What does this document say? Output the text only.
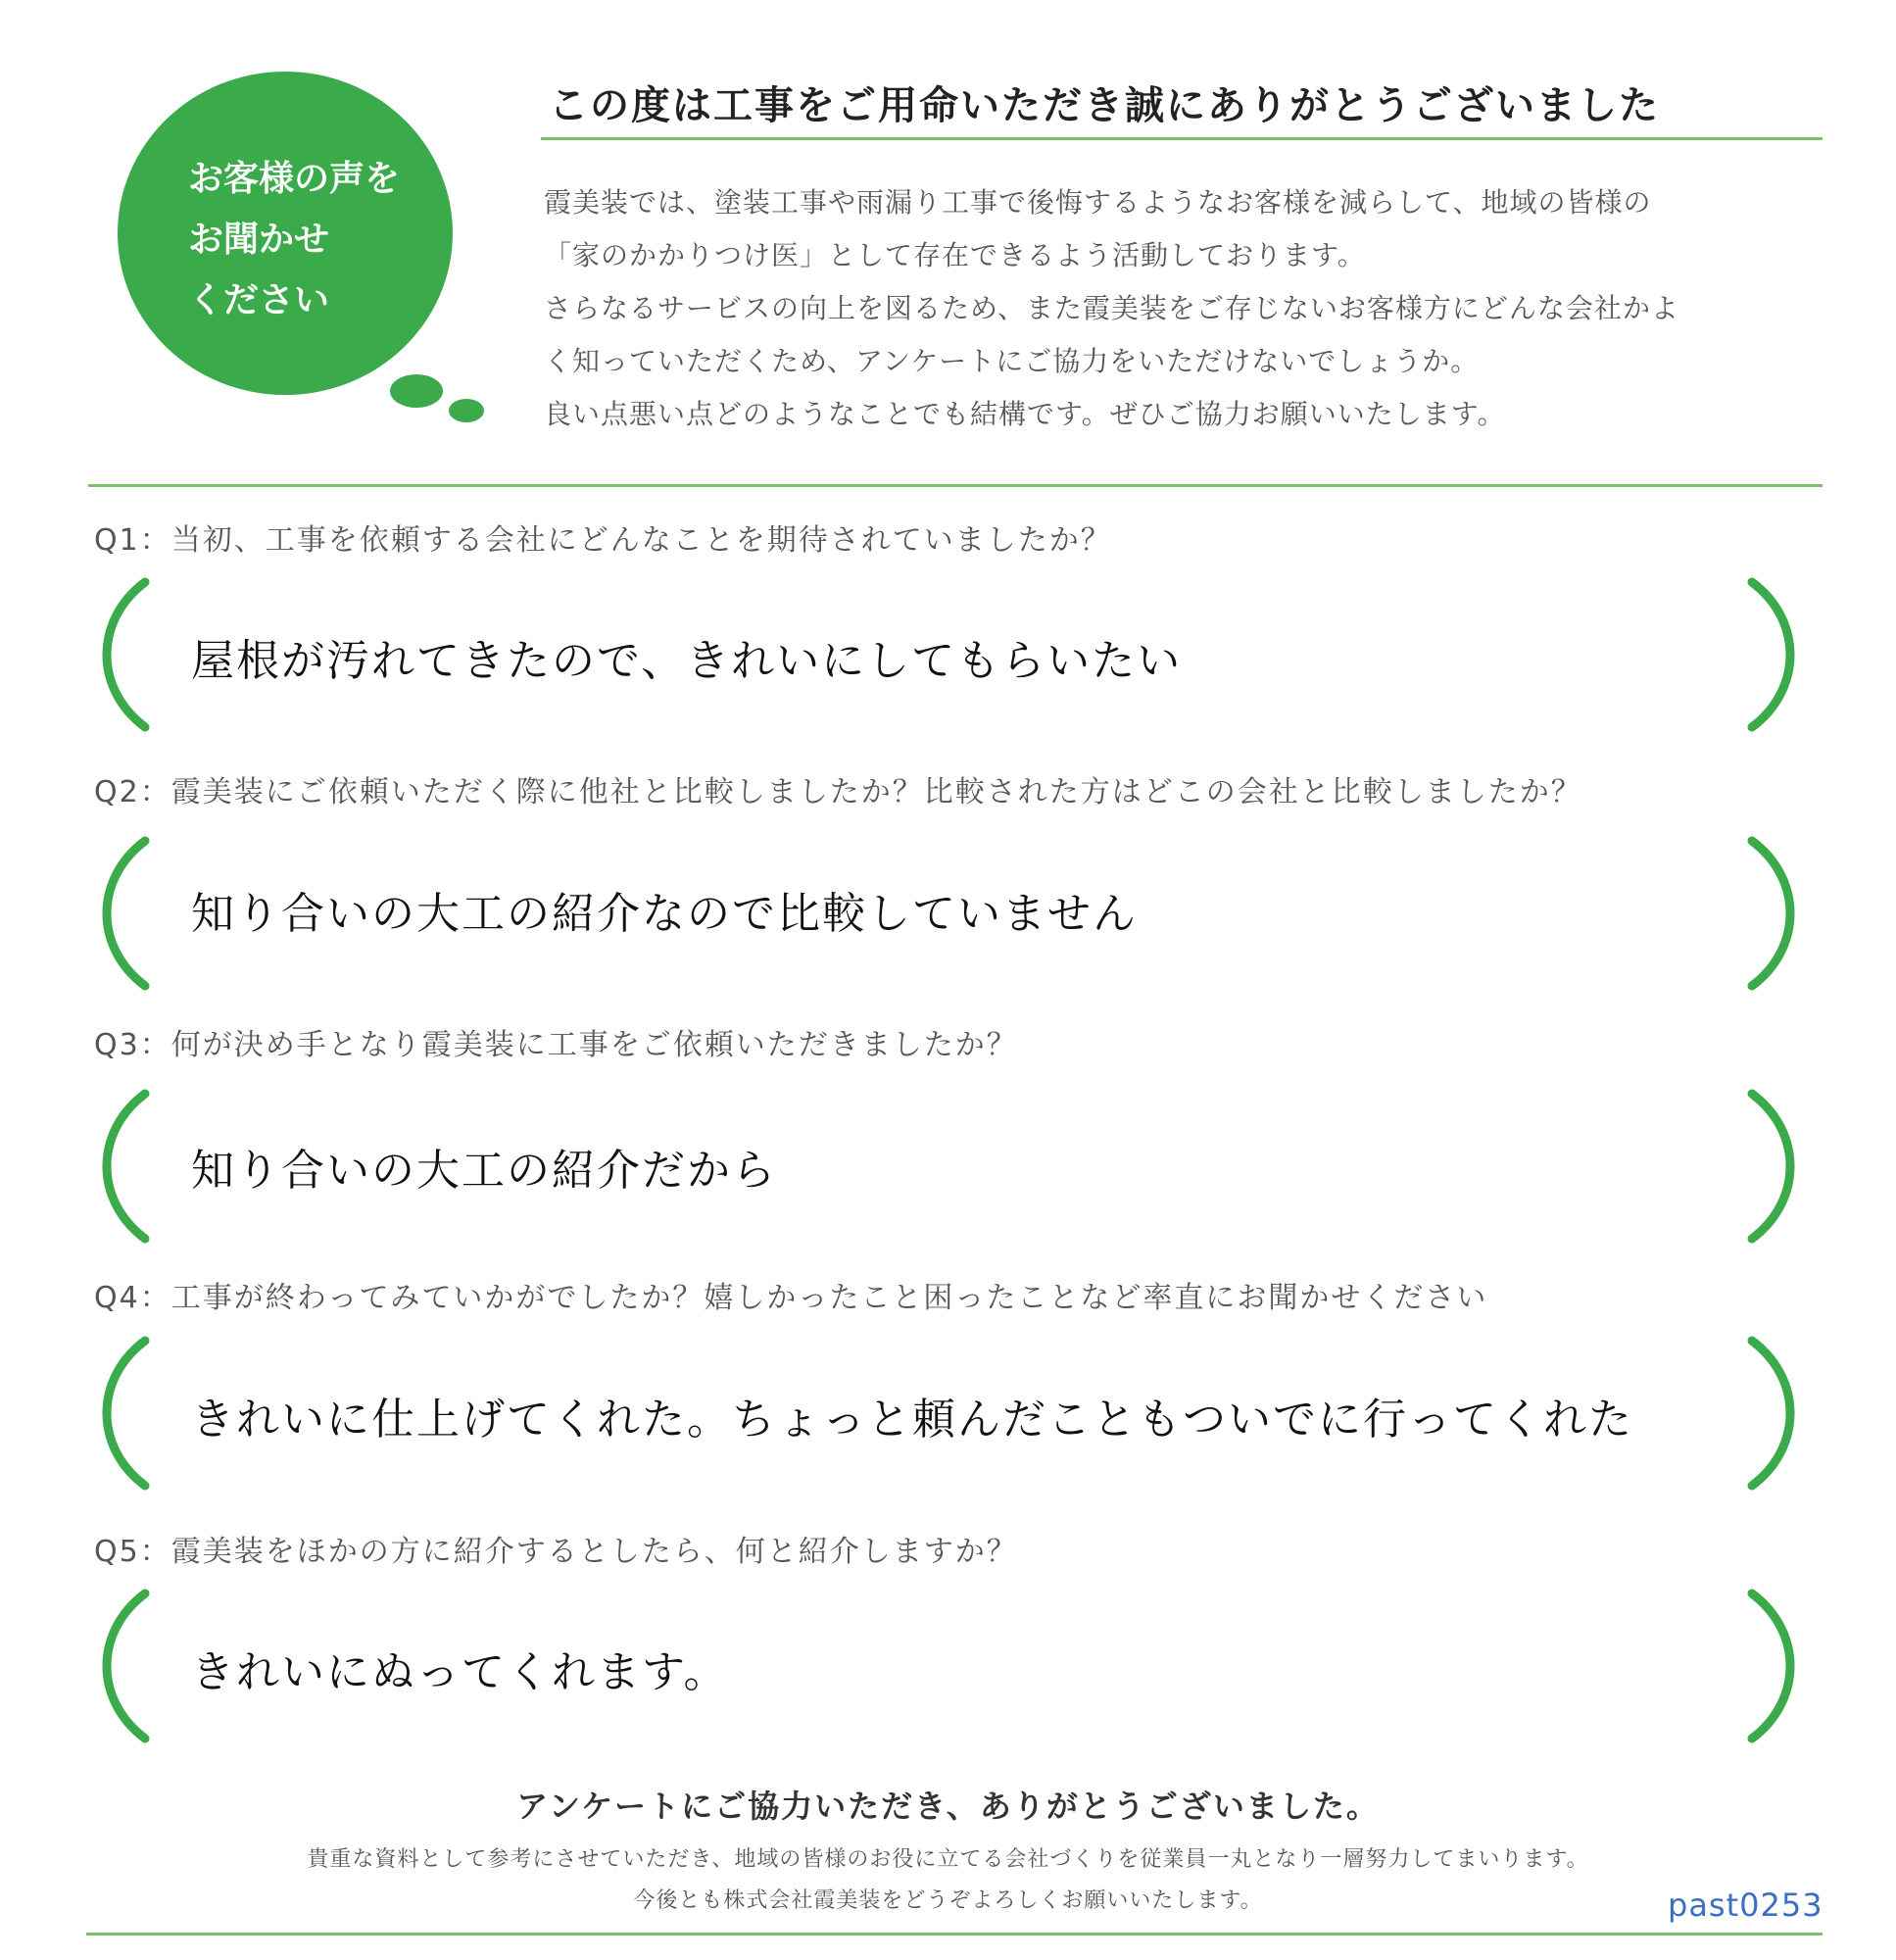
お客様の声を
お聞かせ
ください
この度は工事をご用命いただき誠にありがとうございました
霞美装では、塗装工事や雨漏り工事で後悔するようなお客様を減らして、地域の皆様の
「家のかかりつけ医」として存在できるよう活動しております。
さらなるサービスの向上を図るため、また霞美装をご存じないお客様方にどんな会社かよ
く知っていただくため、アンケートにご協力をいただけないでしょうか。
良い点悪い点どのようなことでも結構です。ぜひご協力お願いいたします。
Q1：当初、工事を依頼する会社にどんなことを期待されていましたか？
屋根が汚れてきたので、きれいにしてもらいたい
Q2：霞美装にご依頼いただく際に他社と比較しましたか？比較された方はどこの会社と比較しましたか？
知り合いの大工の紹介なので比較していません
Q3：何が決め手となり霞美装に工事をご依頼いただきましたか？
知り合いの大工の紹介だから
Q4：工事が終わってみていかがでしたか？嬉しかったこと困ったことなど率直にお聞かせください
きれいに仕上げてくれた。ちょっと頼んだこともついでに行ってくれた
Q5：霞美装をほかの方に紹介するとしたら、何と紹介しますか？
きれいにぬってくれます。
アンケートにご協力いただき、ありがとうございました。
貴重な資料として参考にさせていただき、地域の皆様のお役に立てる会社づくりを従業員一丸となり一層努力してまいります。
今後とも株式会社霞美装をどうぞよろしくお願いいたします。	past0253
